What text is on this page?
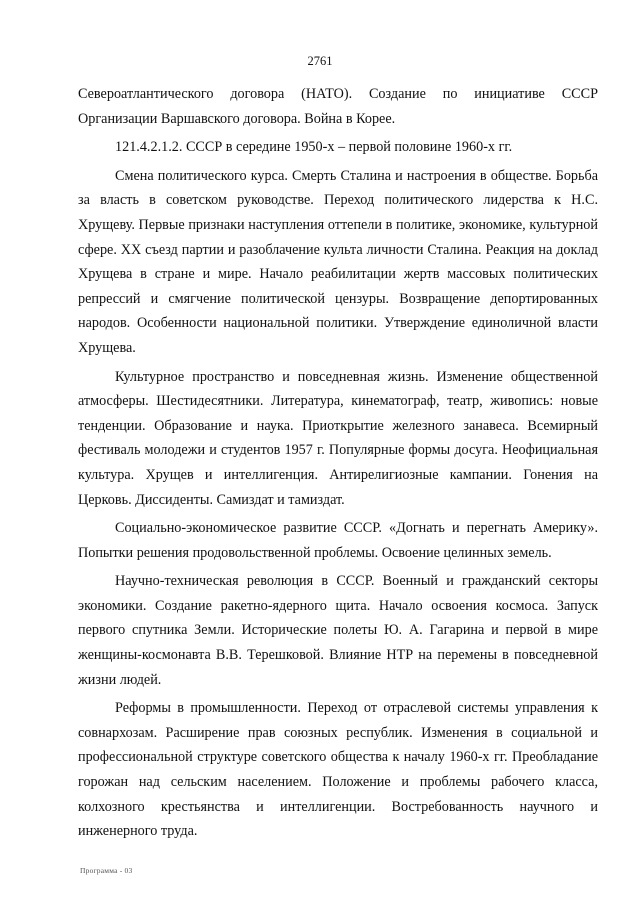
2761

Североатлантического договора (НАТО). Создание по инициативе СССР Организации Варшавского договора. Война в Корее.

121.4.2.1.2. СССР в середине 1950-х – первой половине 1960-х гг.

Смена политического курса. Смерть Сталина и настроения в обществе. Борьба за власть в советском руководстве. Переход политического лидерства к Н.С. Хрущеву. Первые признаки наступления оттепели в политике, экономике, культурной сфере. XX съезд партии и разоблачение культа личности Сталина. Реакция на доклад Хрущева в стране и мире. Начало реабилитации жертв массовых политических репрессий и смягчение политической цензуры. Возвращение депортированных народов. Особенности национальной политики. Утверждение единоличной власти Хрущева.

Культурное пространство и повседневная жизнь. Изменение общественной атмосферы. Шестидесятники. Литература, кинематограф, театр, живопись: новые тенденции. Образование и наука. Приоткрытие железного занавеса. Всемирный фестиваль молодежи и студентов 1957 г. Популярные формы досуга. Неофициальная культура. Хрущев и интеллигенция. Антирелигиозные кампании. Гонения на Церковь. Диссиденты. Самиздат и тамиздат.

Социально-экономическое развитие СССР. «Догнать и перегнать Америку». Попытки решения продовольственной проблемы. Освоение целинных земель.

Научно-техническая революция в СССР. Военный и гражданский секторы экономики. Создание ракетно-ядерного щита. Начало освоения космоса. Запуск первого спутника Земли. Исторические полеты Ю. А. Гагарина и первой в мире женщины-космонавта В.В. Терешковой. Влияние НТР на перемены в повседневной жизни людей.

Реформы в промышленности. Переход от отраслевой системы управления к совнархозам. Расширение прав союзных республик. Изменения в социальной и профессиональной структуре советского общества к началу 1960-х гг. Преобладание горожан над сельским населением. Положение и проблемы рабочего класса, колхозного крестьянства и интеллигенции. Востребованность научного и инженерного труда.

Программа - 03
